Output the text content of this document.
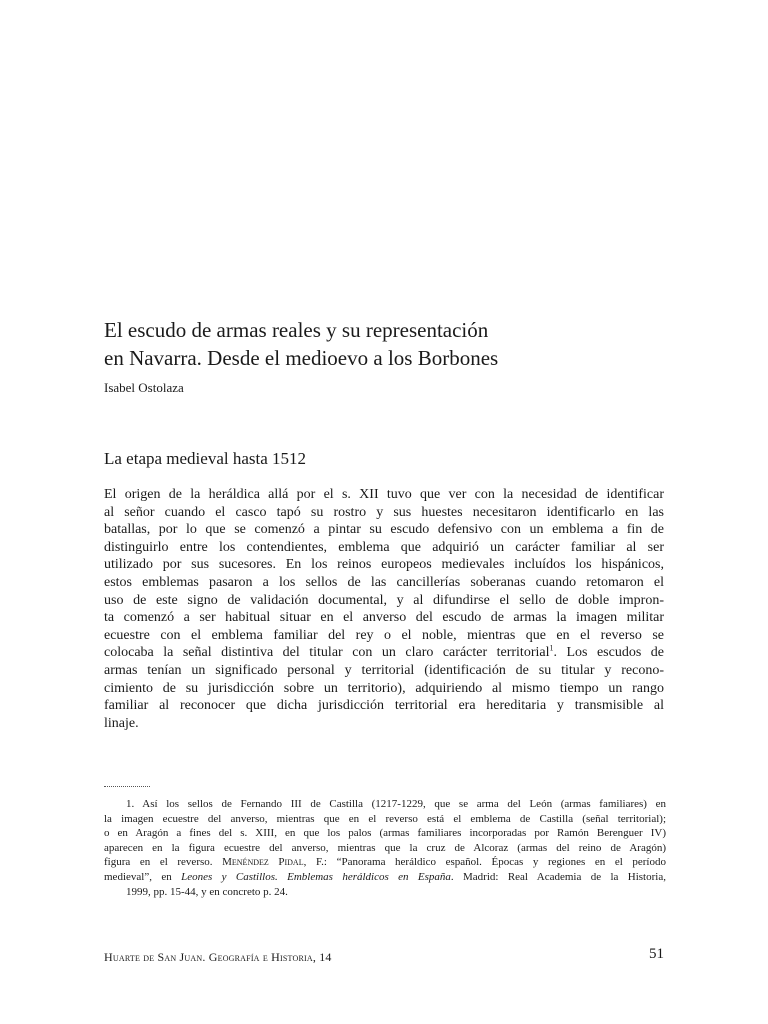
El escudo de armas reales y su representación
en Navarra. Desde el medioevo a los Borbones
Isabel Ostolaza
La etapa medieval hasta 1512
El origen de la heráldica allá por el s. XII tuvo que ver con la necesidad de identificar
al señor cuando el casco tapó su rostro y sus huestes necesitaron identificarlo en las
batallas, por lo que se comenzó a pintar su escudo defensivo con un emblema a fin de
distinguirlo entre los contendientes, emblema que adquirió un carácter familiar al ser
utilizado por sus sucesores. En los reinos europeos medievales incluídos los hispánicos,
estos emblemas pasaron a los sellos de las cancillerías soberanas cuando retomaron el
uso de este signo de validación documental, y al difundirse el sello de doble impron-
ta comenzó a ser habitual situar en el anverso del escudo de armas la imagen militar
ecuestre con el emblema familiar del rey o el noble, mientras que en el reverso se
colocaba la señal distintiva del titular con un claro carácter territorial$^1$. Los escudos de
armas tenían un significado personal y territorial (identificación de su titular y recono-
cimiento de su jurisdicción sobre un territorio), adquiriendo al mismo tiempo un rango
familiar al reconocer que dicha jurisdicción territorial era hereditaria y transmisible al
linaje.
1. Así los sellos de Fernando III de Castilla (1217-1229, que se arma del León (armas familiares) en
la imagen ecuestre del anverso, mientras que en el reverso está el emblema de Castilla (señal territorial);
o en Aragón a fines del s. XIII, en que los palos (armas familiares incorporadas por Ramón Berenguer IV)
aparecen en la figura ecuestre del anverso, mientras que la cruz de Alcoraz (armas del reino de Aragón)
figura en el reverso. Menéndez Pidal, F.: “Panorama heráldico español. Épocas y regiones en el período
medieval”, en Leones y Castillos. Emblemas heráldicos en España. Madrid: Real Academia de la Historia,
1999, pp. 15-44, y en concreto p. 24.
Huarte de San Juan. Geografía e Historia, 14	51
